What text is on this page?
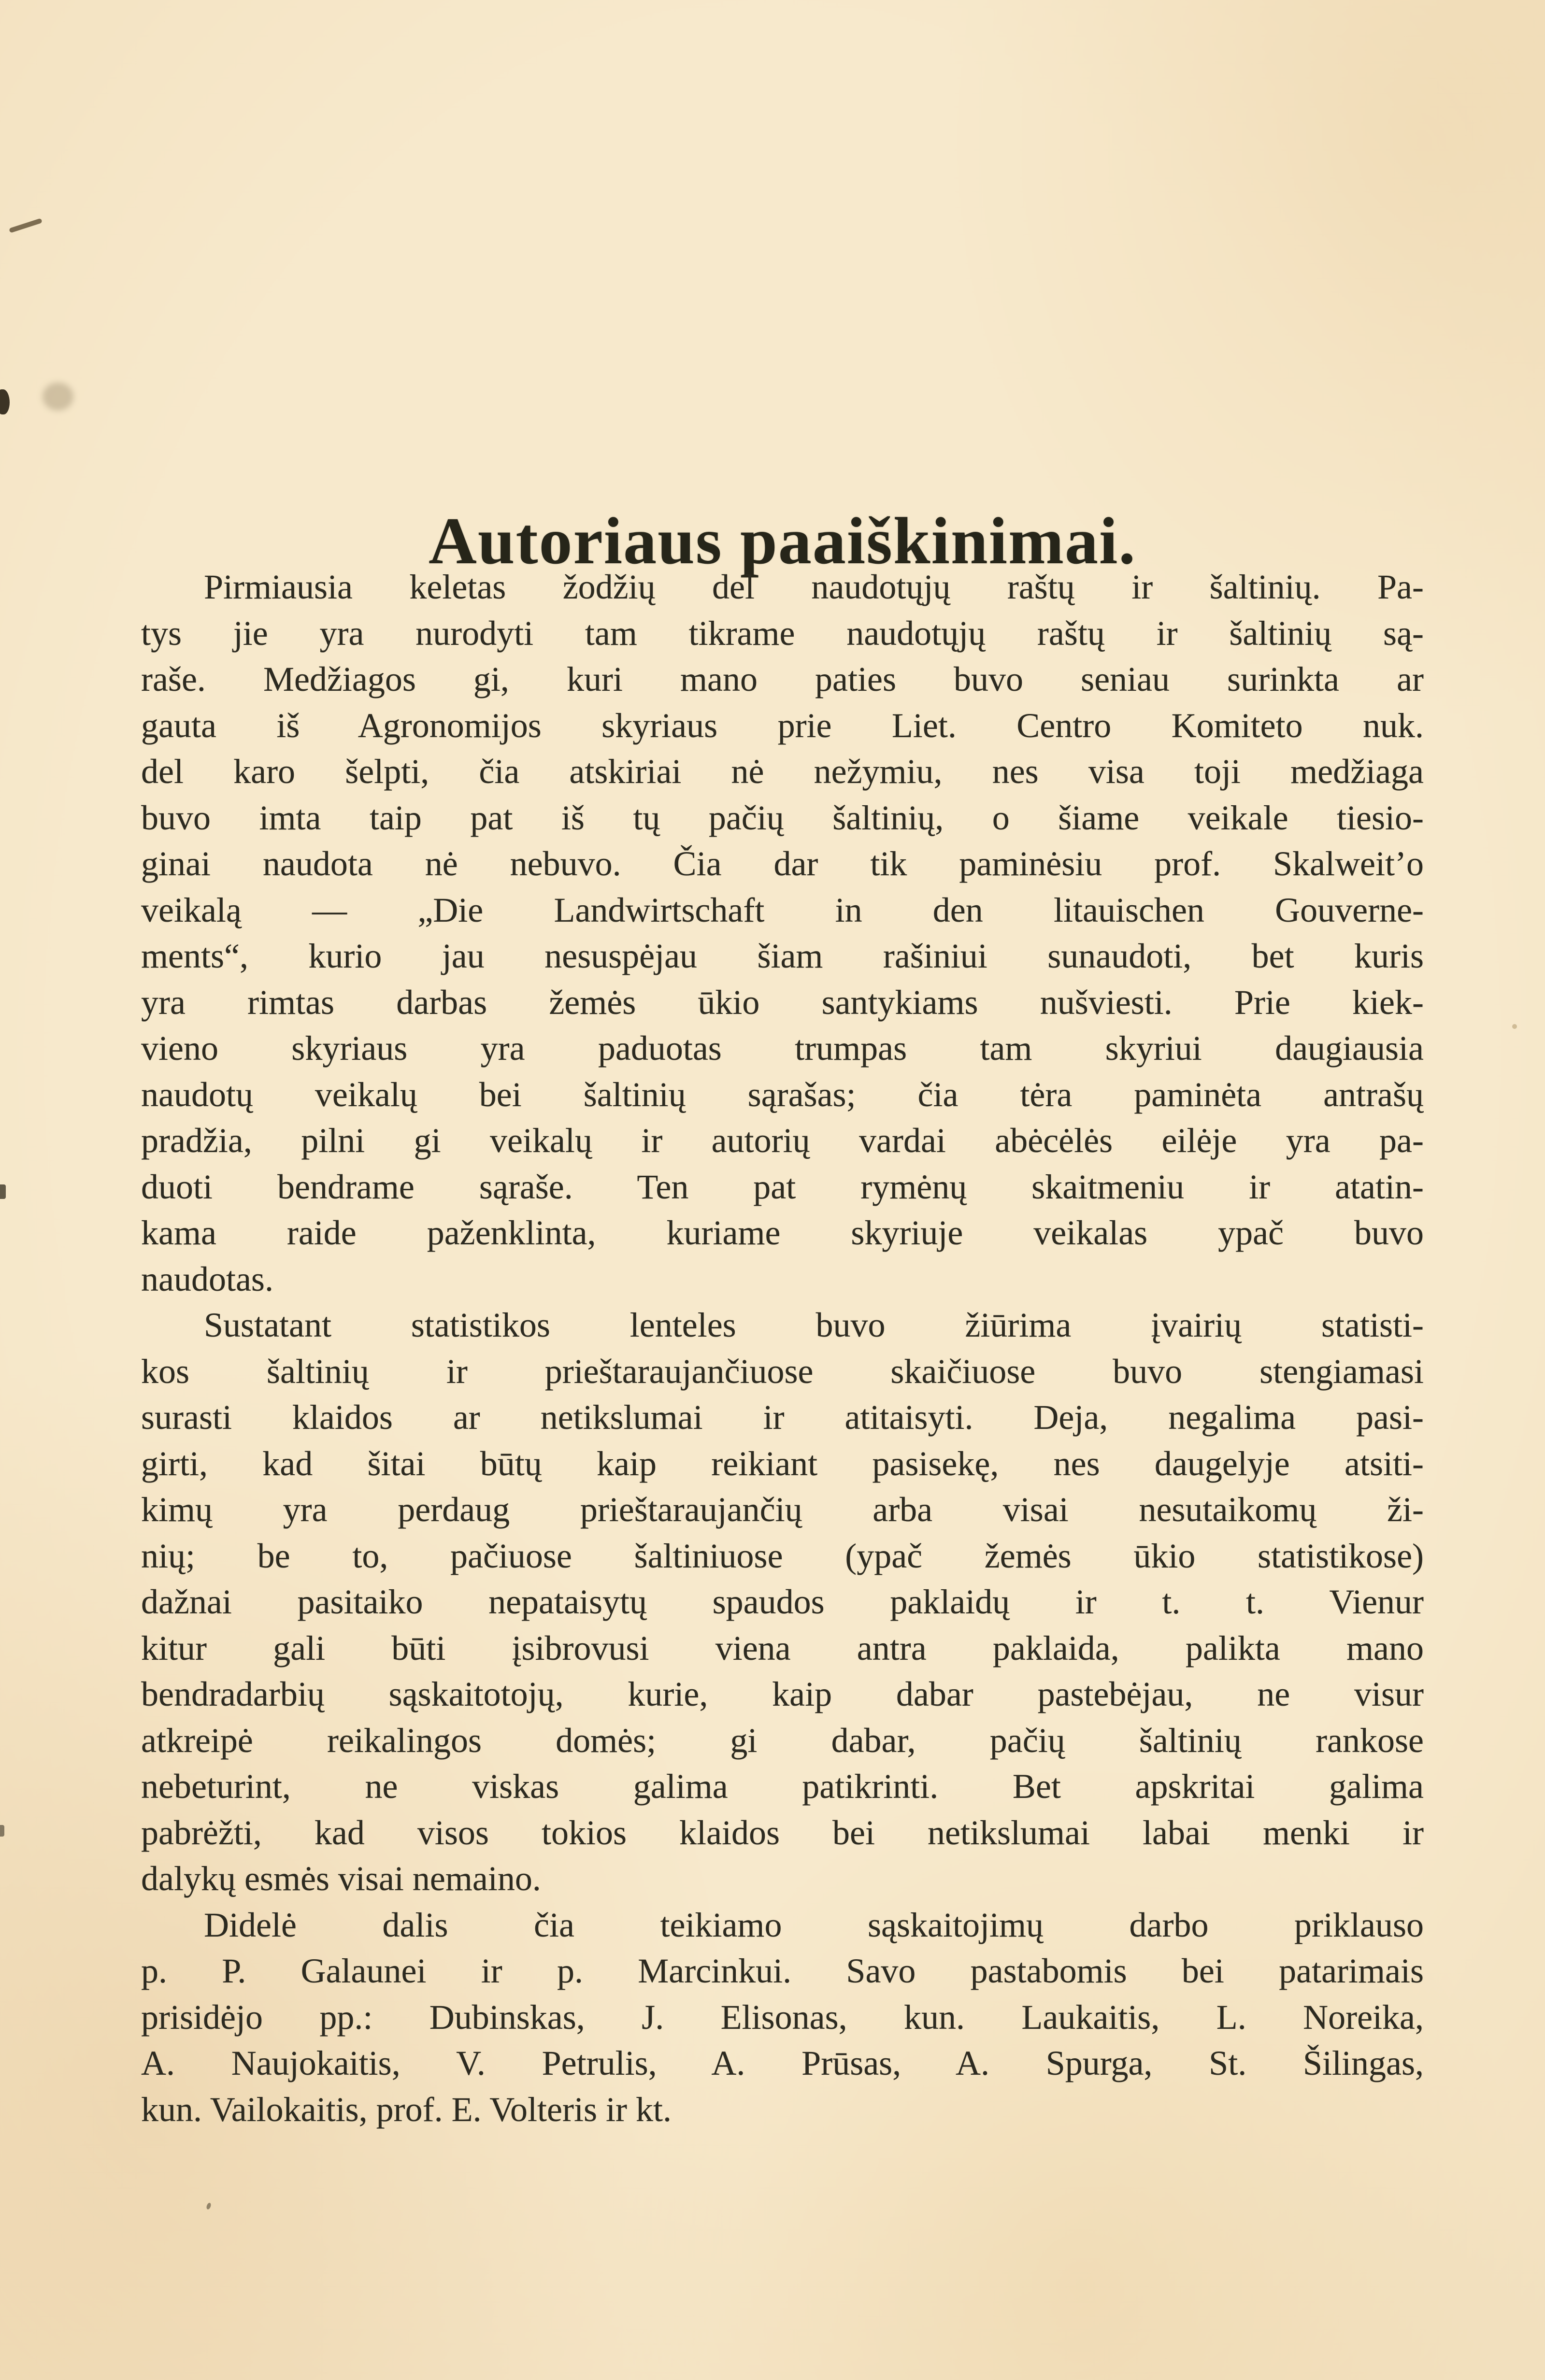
Autoriaus paaiškinimai.
Pirmiausia keletas žodžių del naudotųjų raštų ir šaltinių. Pa-
tys jie yra nurodyti tam tikrame naudotųjų raštų ir šaltinių są-
raše. Medžiagos gi, kuri mano paties buvo seniau surinkta ar
gauta iš Agronomijos skyriaus prie Liet. Centro Komiteto nuk.
del karo šelpti, čia atskiriai nė nežymiu, nes visa toji medžiaga
buvo imta taip pat iš tų pačių šaltinių, o šiame veikale tiesio-
ginai naudota nė nebuvo. Čia dar tik paminėsiu prof. Skalweit’o
veikalą — „Die Landwirtschaft in den litauischen Gouverne-
ments“, kurio jau nesuspėjau šiam rašiniui sunaudoti, bet kuris
yra rimtas darbas žemės ūkio santykiams nušviesti. Prie kiek-
vieno skyriaus yra paduotas trumpas tam skyriui daugiausia
naudotų veikalų bei šaltinių sąrašas; čia tėra paminėta antrašų
pradžia, pilni gi veikalų ir autorių vardai abėcėlės eilėje yra pa-
duoti bendrame sąraše. Ten pat rymėnų skaitmeniu ir atatin-
kama raide paženklinta, kuriame skyriuje veikalas ypač buvo
naudotas.
Sustatant statistikos lenteles buvo žiūrima įvairių statisti-
kos šaltinių ir prieštaraujančiuose skaičiuose buvo stengiamasi
surasti klaidos ar netikslumai ir atitaisyti. Deja, negalima pasi-
girti, kad šitai būtų kaip reikiant pasisekę, nes daugelyje atsiti-
kimų yra perdaug prieštaraujančių arba visai nesutaikomų ži-
nių; be to, pačiuose šaltiniuose (ypač žemės ūkio statistikose)
dažnai pasitaiko nepataisytų spaudos paklaidų ir t. t. Vienur
kitur gali būti įsibrovusi viena antra paklaida, palikta mano
bendradarbių sąskaitotojų, kurie, kaip dabar pastebėjau, ne visur
atkreipė reikalingos domės; gi dabar, pačių šaltinių rankose
nebeturint, ne viskas galima patikrinti. Bet apskritai galima
pabrėžti, kad visos tokios klaidos bei netikslumai labai menki ir
dalykų esmės visai nemaino.
Didelė dalis čia teikiamo sąskaitojimų darbo priklauso
p. P. Galaunei ir p. Marcinkui. Savo pastabomis bei patarimais
prisidėjo pp.: Dubinskas, J. Elisonas, kun. Laukaitis, L. Noreika,
A. Naujokaitis, V. Petrulis, A. Prūsas, A. Spurga, St. Šilingas,
kun. Vailokaitis, prof. E. Volteris ir kt.
